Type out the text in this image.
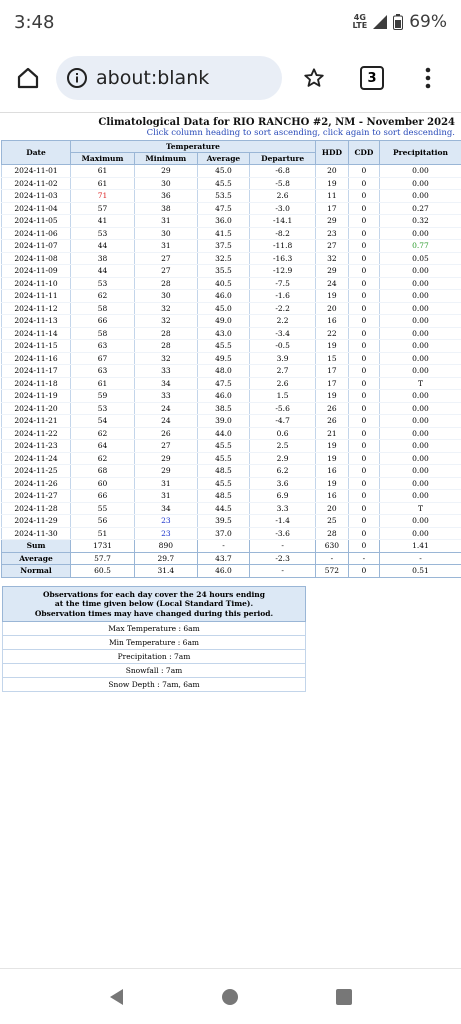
3:48	4G
LTE 69%
about:blank	3
Climatological Data for RIO RANCHO #2, NM - November 2024
Click column heading to sort ascending, click again to sort descending.
Date	Temperature				HDD	CDD	Precipitation
	Maximum	Minimum	Average	Departure			
2024-11-01	61	29	45.0	-6.8	20	0	0.00
2024-11-02	61	30	45.5	-5.8	19	0	0.00
2024-11-03	71	36	53.5	2.6	11	0	0.00
2024-11-04	57	38	47.5	-3.0	17	0	0.27
2024-11-05	41	31	36.0	-14.1	29	0	0.32
2024-11-06	53	30	41.5	-8.2	23	0	0.00
2024-11-07	44	31	37.5	-11.8	27	0	0.77
2024-11-08	38	27	32.5	-16.3	32	0	0.05
2024-11-09	44	27	35.5	-12.9	29	0	0.00
2024-11-10	53	28	40.5	-7.5	24	0	0.00
2024-11-11	62	30	46.0	-1.6	19	0	0.00
2024-11-12	58	32	45.0	-2.2	20	0	0.00
2024-11-13	66	32	49.0	2.2	16	0	0.00
2024-11-14	58	28	43.0	-3.4	22	0	0.00
2024-11-15	63	28	45.5	-0.5	19	0	0.00
2024-11-16	67	32	49.5	3.9	15	0	0.00
2024-11-17	63	33	48.0	2.7	17	0	0.00
2024-11-18	61	34	47.5	2.6	17	0	T
2024-11-19	59	33	46.0	1.5	19	0	0.00
2024-11-20	53	24	38.5	-5.6	26	0	0.00
2024-11-21	54	24	39.0	-4.7	26	0	0.00
2024-11-22	62	26	44.0	0.6	21	0	0.00
2024-11-23	64	27	45.5	2.5	19	0	0.00
2024-11-24	62	29	45.5	2.9	19	0	0.00
2024-11-25	68	29	48.5	6.2	16	0	0.00
2024-11-26	60	31	45.5	3.6	19	0	0.00
2024-11-27	66	31	48.5	6.9	16	0	0.00
2024-11-28	55	34	44.5	3.3	20	0	T
2024-11-29	56	23	39.5	-1.4	25	0	0.00
2024-11-30	51	23	37.0	-3.6	28	0	0.00
Sum	1731	890	-	-	630	0	1.41
Average	57.7	29.7	43.7	-2.3	-	-	-
Normal	60.5	31.4	46.0	-	572	0	0.51
Observations for each day cover the 24 hours ending
at the time given below (Local Standard Time).
Observation times may have changed during this period.

Max Temperature : 6am
Min Temperature : 6am
Precipitation : 7am
Snowfall : 7am
Snow Depth : 7am, 6am
